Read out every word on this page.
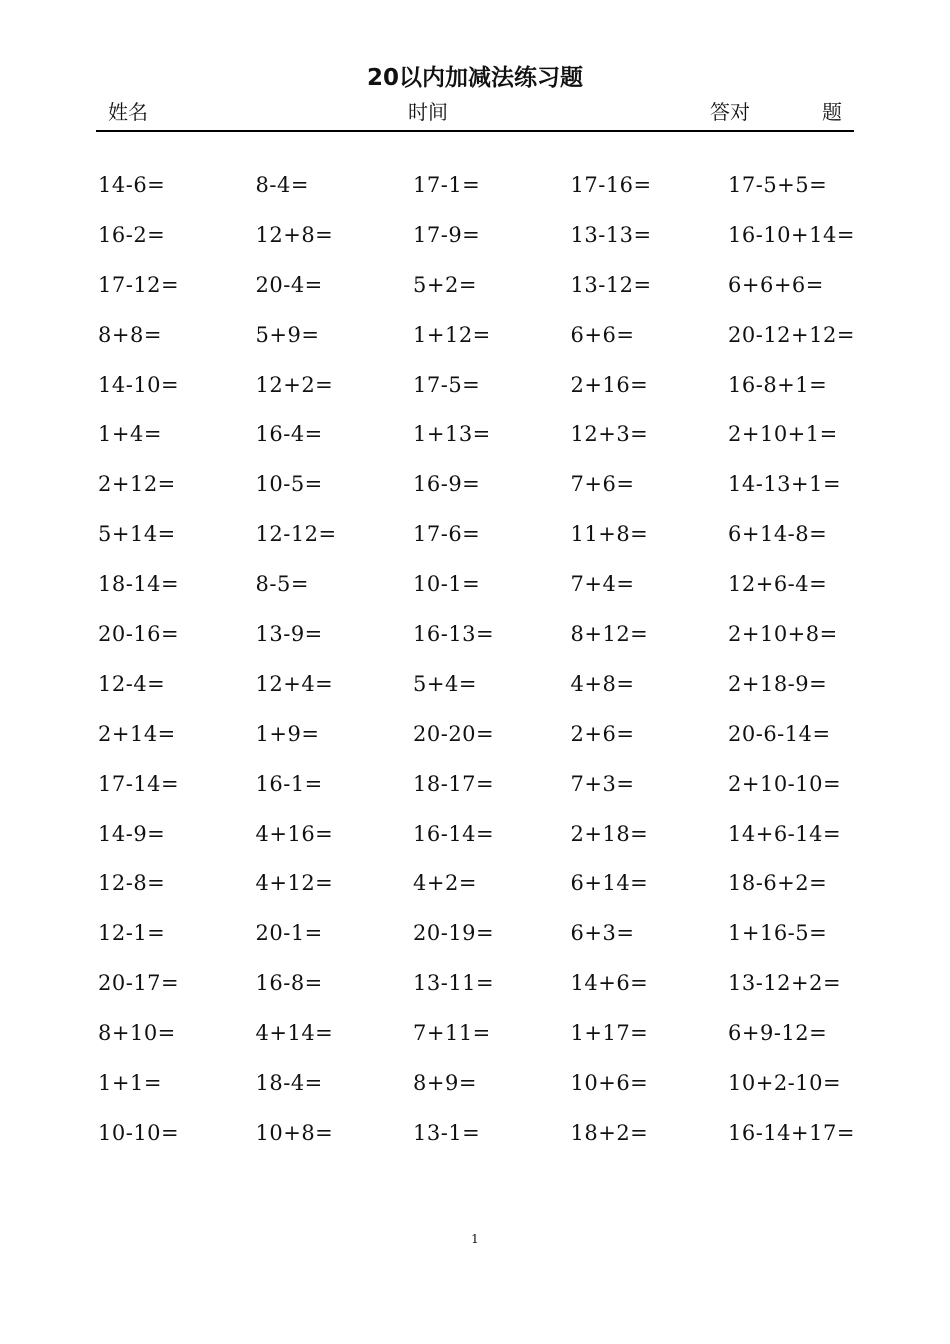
20以内加减法练习题
姓名	时间	答对	题
14-6=	8-4=	17-1=	17-16=	17-5+5=
16-2=	12+8=	17-9=	13-13=	16-10+14=
17-12=	20-4=	5+2=	13-12=	6+6+6=
8+8=	5+9=	1+12=	6+6=	20-12+12=
14-10=	12+2=	17-5=	2+16=	16-8+1=
1+4=	16-4=	1+13=	12+3=	2+10+1=
2+12=	10-5=	16-9=	7+6=	14-13+1=
5+14=	12-12=	17-6=	11+8=	6+14-8=
18-14=	8-5=	10-1=	7+4=	12+6-4=
20-16=	13-9=	16-13=	8+12=	2+10+8=
12-4=	12+4=	5+4=	4+8=	2+18-9=
2+14=	1+9=	20-20=	2+6=	20-6-14=
17-14=	16-1=	18-17=	7+3=	2+10-10=
14-9=	4+16=	16-14=	2+18=	14+6-14=
12-8=	4+12=	4+2=	6+14=	18-6+2=
12-1=	20-1=	20-19=	6+3=	1+16-5=
20-17=	16-8=	13-11=	14+6=	13-12+2=
8+10=	4+14=	7+11=	1+17=	6+9-12=
1+1=	18-4=	8+9=	10+6=	10+2-10=
10-10=	10+8=	13-1=	18+2=	16-14+17=
1
